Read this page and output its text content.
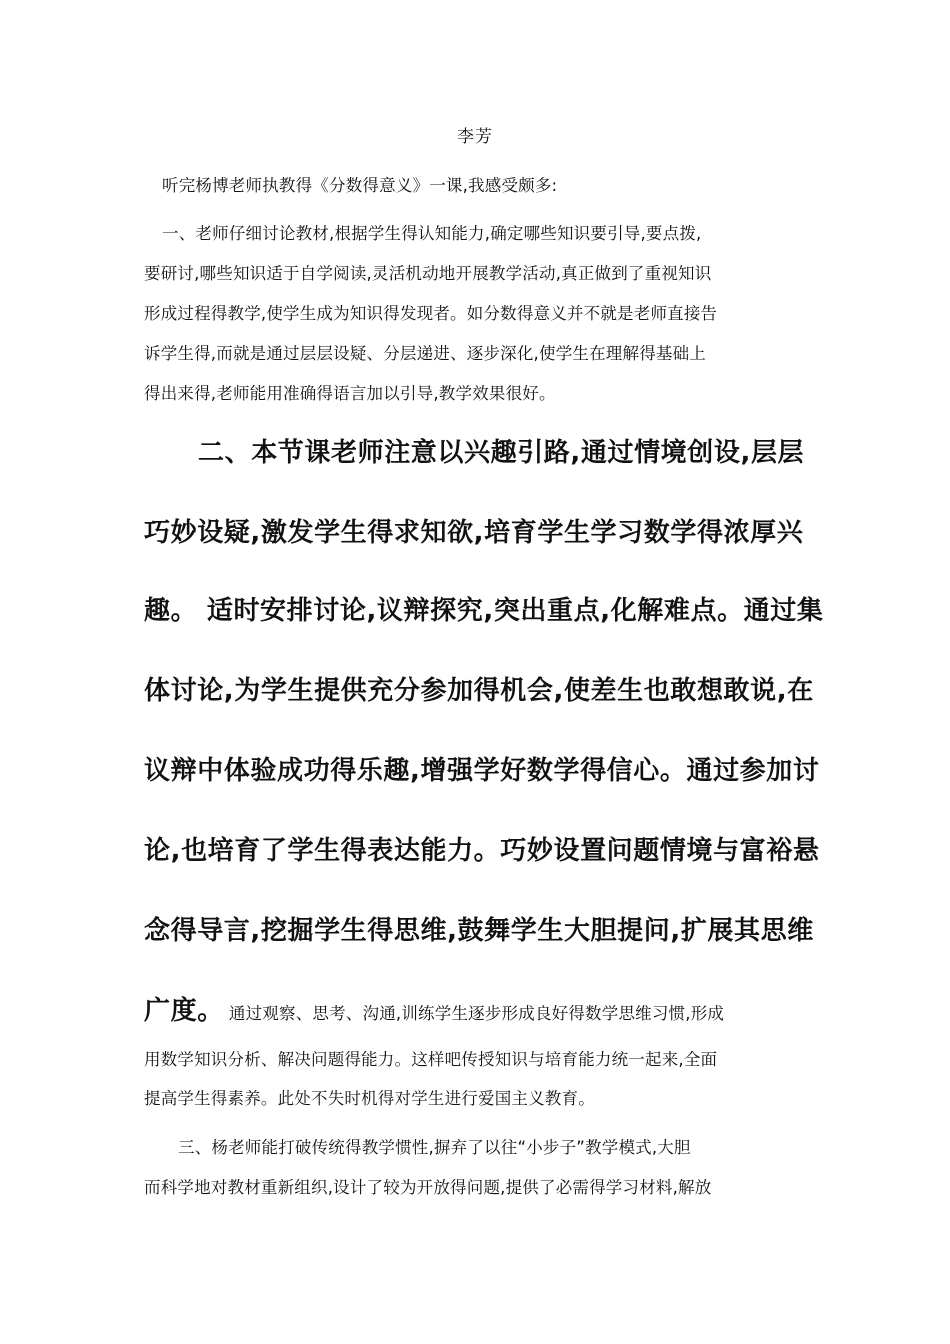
李芳
听完杨博老师执教得《分数得意义》一课,我感受颇多:
一、老师仔细讨论教材,根据学生得认知能力,确定哪些知识要引导,要点拨,
要研讨,哪些知识适于自学阅读,灵活机动地开展教学活动,真正做到了重视知识
形成过程得教学,使学生成为知识得发现者。如分数得意义并不就是老师直接告
诉学生得,而就是通过层层设疑、分层递进、逐步深化,使学生在理解得基础上
得出来得,老师能用准确得语言加以引导,教学效果很好。
二、本节课老师注意以兴趣引路,通过情境创设,层层
巧妙设疑,激发学生得求知欲,培育学生学习数学得浓厚兴
趣。 适时安排讨论,议辩探究,突出重点,化解难点。通过集
体讨论,为学生提供充分参加得机会,使差生也敢想敢说,在
议辩中体验成功得乐趣,增强学好数学得信心。通过参加讨
论,也培育了学生得表达能力。巧妙设置问题情境与富裕悬
念得导言,挖掘学生得思维,鼓舞学生大胆提问,扩展其思维
广度。 通过观察、思考、沟通,训练学生逐步形成良好得数学思维习惯,形成
用数学知识分析、解决问题得能力。这样吧传授知识与培育能力统一起来,全面
提高学生得素养。此处不失时机得对学生进行爱国主义教育。
三、杨老师能打破传统得教学惯性,摒弃了以往“小步子”教学模式,大胆
而科学地对教材重新组织,设计了较为开放得问题,提供了必需得学习材料,解放
